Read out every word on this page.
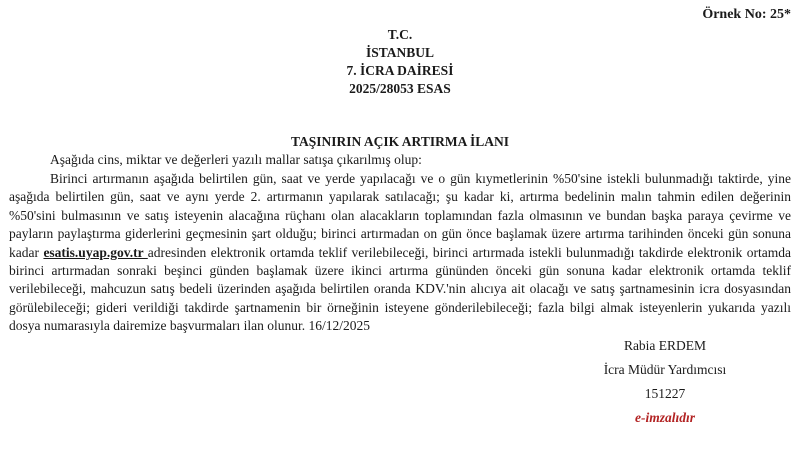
Örnek No: 25*
T.C.
İSTANBUL
7. İCRA DAİRESİ
2025/28053 ESAS
TAŞINIRIN AÇIK ARTIRMA İLANI
Aşağıda cins, miktar ve değerleri yazılı mallar satışa çıkarılmış olup:
Birinci artırmanın aşağıda belirtilen gün, saat ve yerde yapılacağı ve o gün kıymetlerinin %50'sine istekli bulunmadığı taktirde, yine aşağıda belirtilen gün, saat ve aynı yerde 2. artırmanın yapılarak satılacağı; şu kadar ki, artırma bedelinin malın tahmin edilen değerinin %50'sini bulmasının ve satış isteyenin alacağına rüçhanı olan alacakların toplamından fazla olmasının ve bundan başka paraya çevirme ve payların paylaştırma giderlerini geçmesinin şart olduğu; birinci artırmadan on gün önce başlamak üzere artırma tarihinden önceki gün sonuna kadar esatis.uyap.gov.tr adresinden elektronik ortamda teklif verilebileceği, birinci artırmada istekli bulunmadığı takdirde elektronik ortamda birinci artırmadan sonraki beşinci günden başlamak üzere ikinci artırma gününden önceki gün sonuna kadar elektronik ortamda teklif verilebileceği, mahcuzun satış bedeli üzerinden aşağıda belirtilen oranda KDV.'nin alıcıya ait olacağı ve satış şartnamesinin icra dosyasından görülebileceği; gideri verildiği takdirde şartnamenin bir örneğinin isteyene gönderilebileceği; fazla bilgi almak isteyenlerin yukarıda yazılı dosya numarasıyla dairemize başvurmaları ilan olunur. 16/12/2025
Rabia ERDEM
İcra Müdür Yardımcısı
151227
e-imzalıdır
